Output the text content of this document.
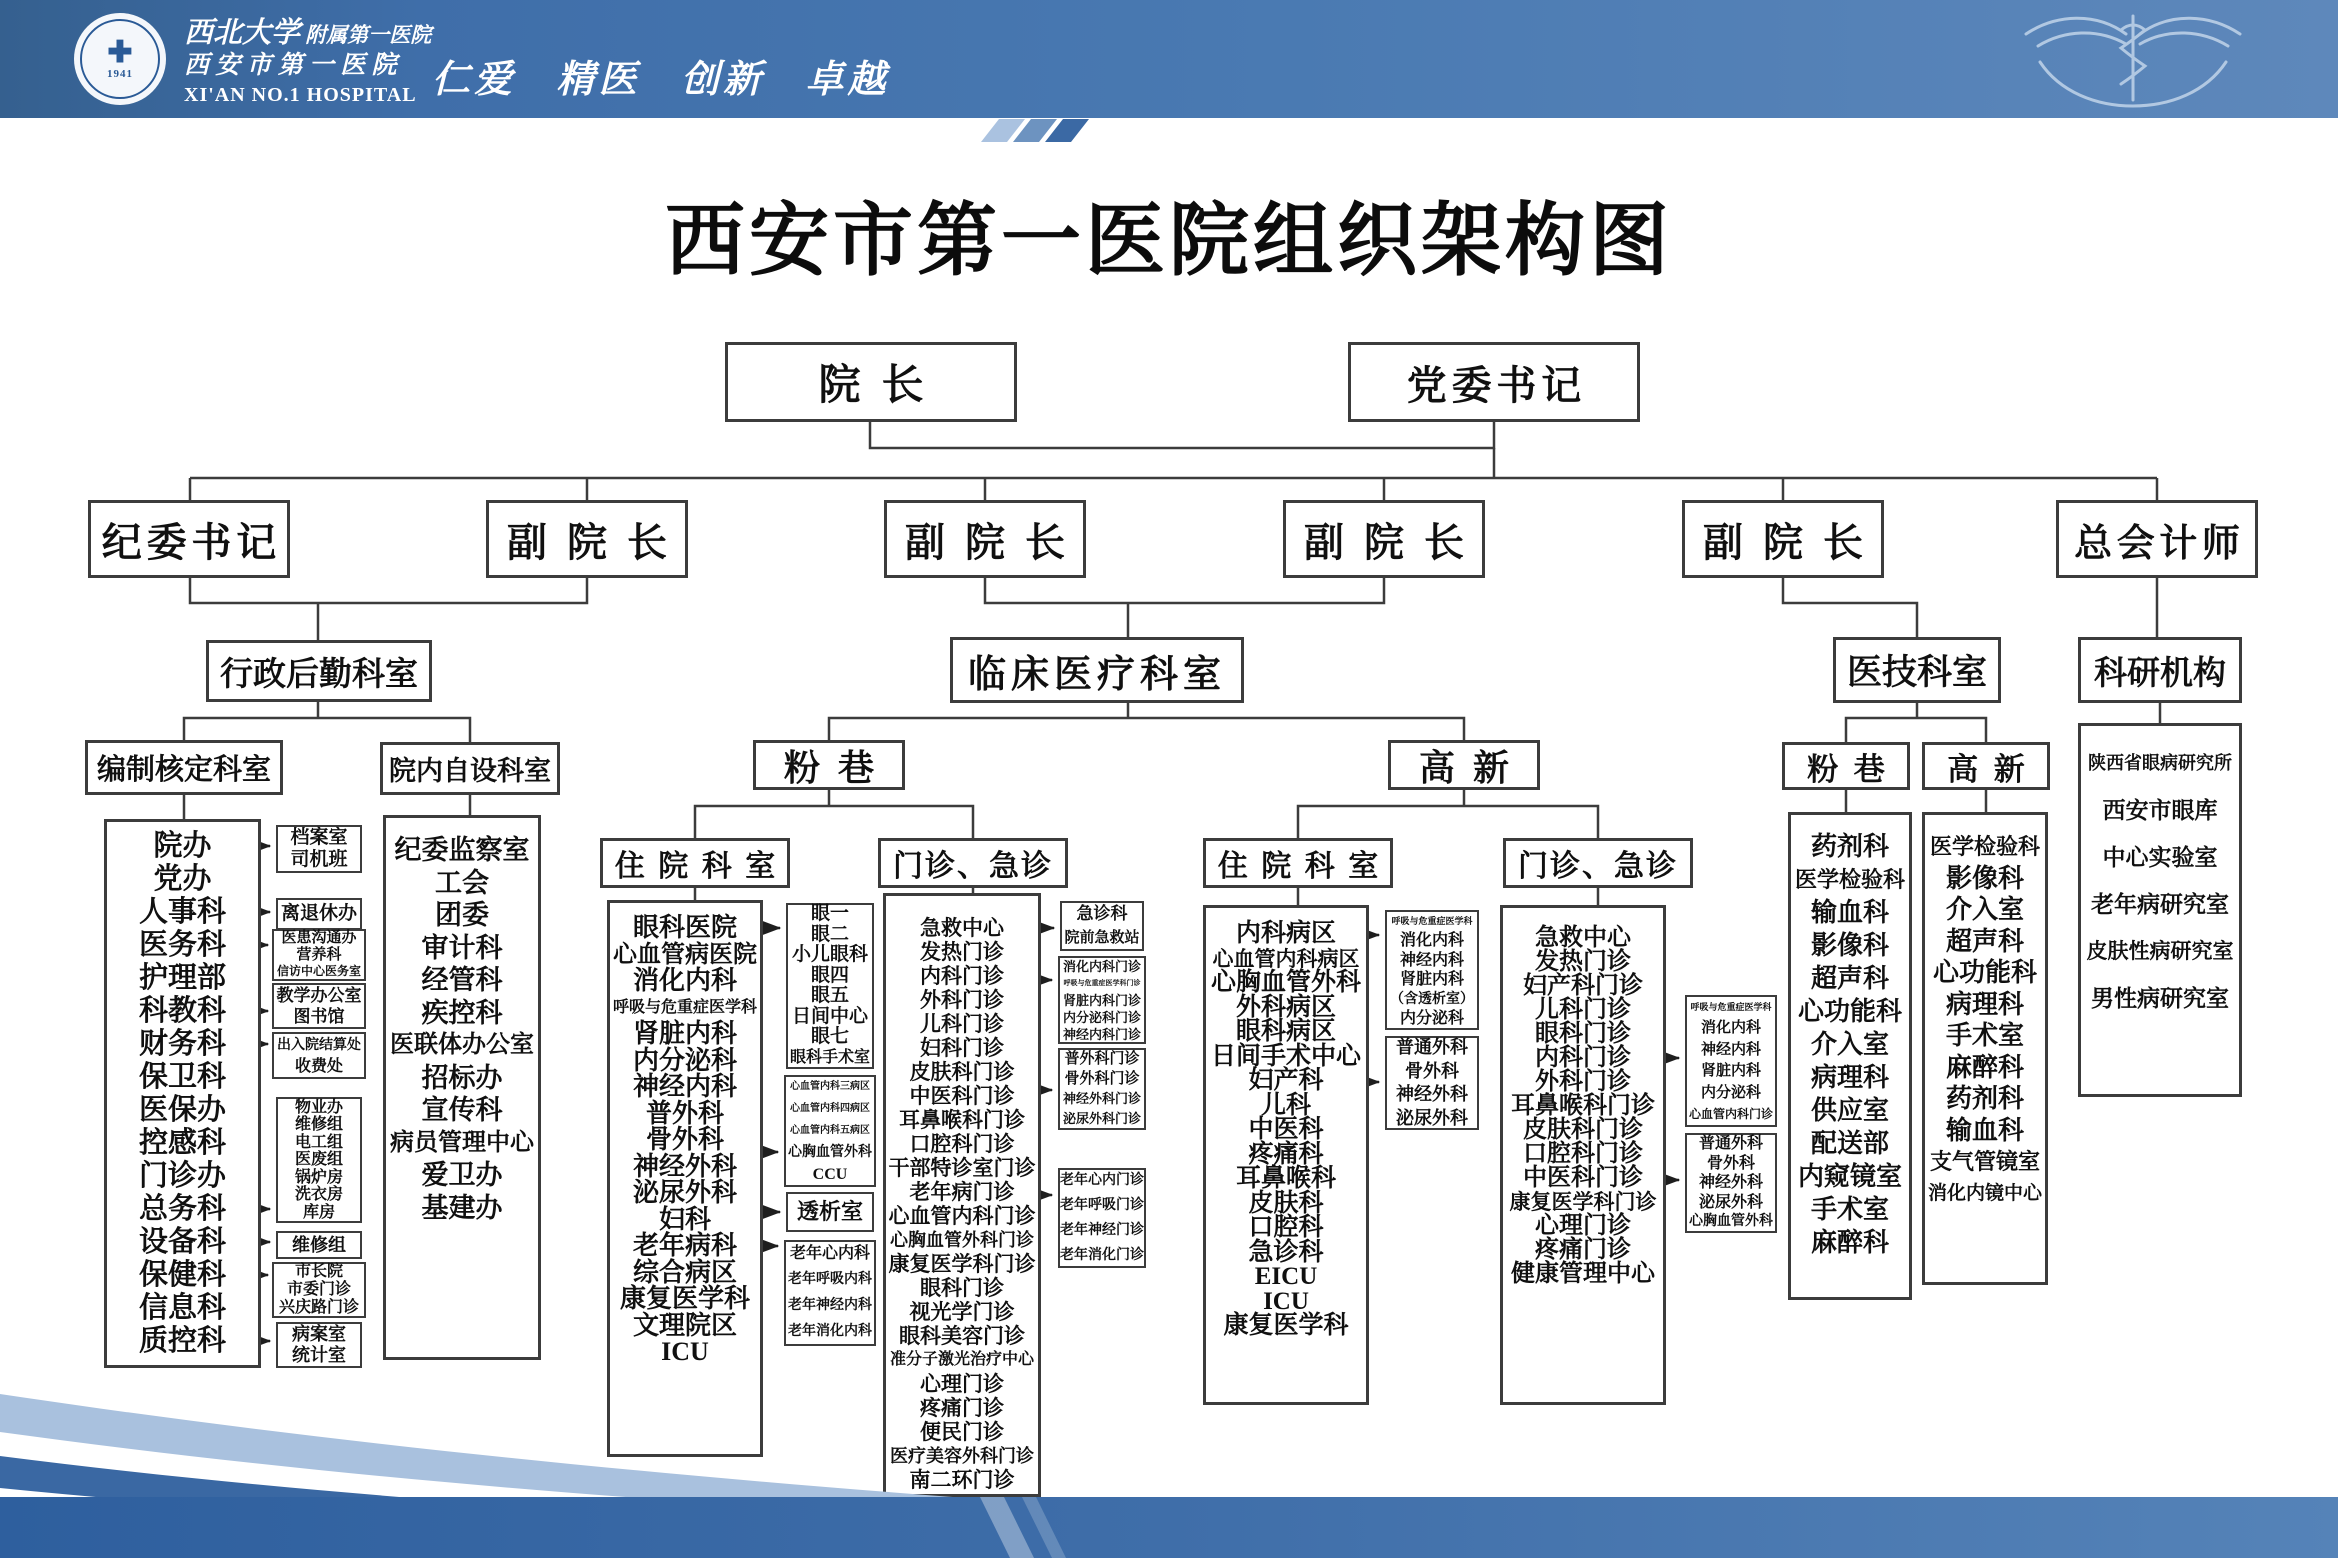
✚
1941
西北大学 附属第一医院
西 安 市 第 一 医 院
XI'AN NO.1 HOSPITAL 仁爱   精医   创新   卓越
西安市第一医院组织架构图
院长	党委书记
纪委书记	副院长	副院长	副院长	副院长	总会计师
行政后勤科室	临床医疗科室	医技科室	科研机构
编制核定科室	院内自设科室	粉巷	高新	粉巷	高新
住院科室	门诊、急诊	住院科室	门诊、急诊
院办
党办
人事科
医务科
护理部
科教科
财务科
保卫科
医保办
控感科
门诊办
总务科
设备科
保健科
信息科
质控科
纪委监察室
工会
团委
审计科
经管科
疾控科
医联体办公室
招标办
宣传科
病员管理中心
爱卫办
基建办
眼科医院
心血管病医院
消化内科
呼吸与危重症医学科
肾脏内科
内分泌科
神经内科
普外科
骨外科
神经外科
泌尿外科
妇科
老年病科
综合病区
康复医学科
文理院区
ICU
急救中心
发热门诊
内科门诊
外科门诊
儿科门诊
妇科门诊
皮肤科门诊
中医科门诊
耳鼻喉科门诊
口腔科门诊
干部特诊室门诊
老年病门诊
心血管内科门诊
心胸血管外科门诊
康复医学科门诊
眼科门诊
视光学门诊
眼科美容门诊
准分子激光治疗中心
心理门诊
疼痛门诊
便民门诊
医疗美容外科门诊
南二环门诊
内科病区
心血管内科病区
心胸血管外科
外科病区
眼科病区
日间手术中心
妇产科
儿科
中医科
疼痛科
耳鼻喉科
皮肤科
口腔科
急诊科
EICU
ICU
康复医学科
急救中心
发热门诊
妇产科门诊
儿科门诊
眼科门诊
内科门诊
外科门诊
耳鼻喉科门诊
皮肤科门诊
口腔科门诊
中医科门诊
康复医学科门诊
心理门诊
疼痛门诊
健康管理中心
药剂科
医学检验科
输血科
影像科
超声科
心功能科
介入室
病理科
供应室
配送部
内窥镜室
手术室
麻醉科
医学检验科
影像科
介入室
超声科
心功能科
病理科
手术室
麻醉科
药剂科
输血科
支气管镜室
消化内镜中心
陕西省眼病研究所
西安市眼库
中心实验室
老年病研究室
皮肤性病研究室
男性病研究室
档案室
司机班
离退休办
医患沟通办
营养科
信访中心医务室
教学办公室
图书馆
出入院结算处
收费处
物业办
维修组
电工组
医废组
锅炉房
洗衣房
库房
维修组
市长院
市委门诊
兴庆路门诊
病案室
统计室
眼一
眼二
小儿眼科
眼四
眼五
日间中心
眼七
眼科手术室
心血管内科三病区
心血管内科四病区
心血管内科五病区
心胸血管外科
CCU
透析室
老年心内科
老年呼吸内科
老年神经内科
老年消化内科
急诊科
院前急救站
消化内科门诊
呼吸与危重症医学科门诊
肾脏内科门诊
内分泌科门诊
神经内科门诊
普外科门诊
骨外科门诊
神经外科门诊
泌尿外科门诊
老年心内门诊
老年呼吸门诊
老年神经门诊
老年消化门诊
呼吸与危重症医学科
消化内科
神经内科
肾脏内科
（含透析室）
内分泌科
普通外科
骨外科
神经外科
泌尿外科
呼吸与危重症医学科
消化内科
神经内科
肾脏内科
内分泌科
心血管内科门诊
普通外科
骨外科
神经外科
泌尿外科
心胸血管外科
